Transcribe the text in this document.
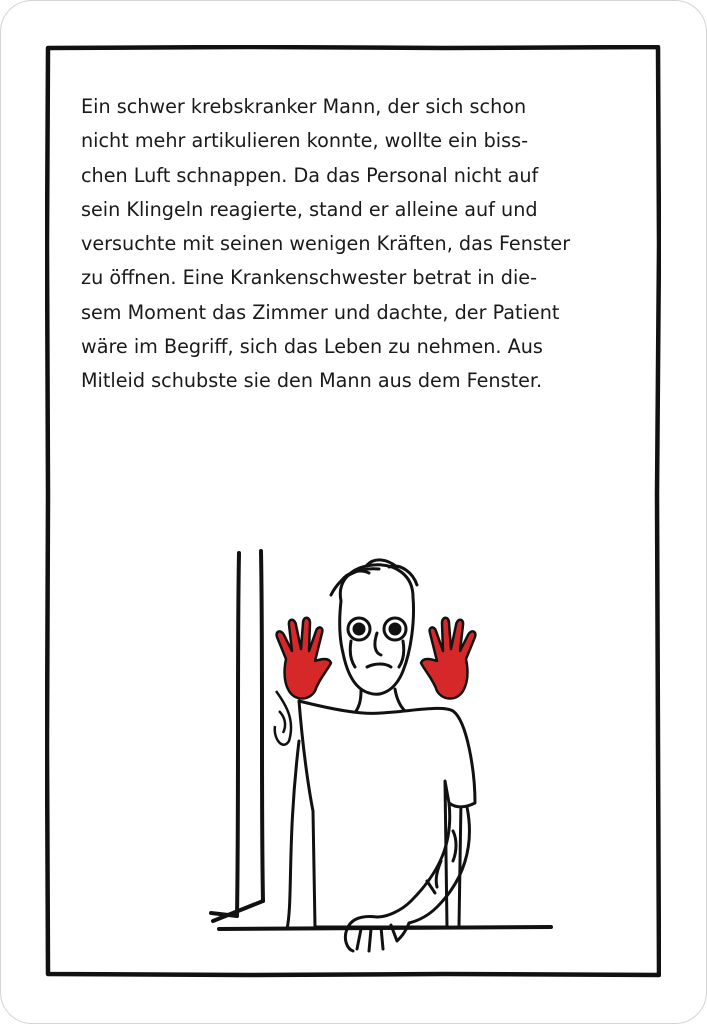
Ein schwer krebskranker Mann, der sich schon
nicht mehr artikulieren konnte, wollte ein biss-
chen Luft schnappen. Da das Personal nicht auf
sein Klingeln reagierte, stand er alleine auf und
versuchte mit seinen wenigen Kräften, das Fenster
zu öffnen. Eine Krankenschwester betrat in die-
sem Moment das Zimmer und dachte, der Patient
wäre im Begriff, sich das Leben zu nehmen. Aus
Mitleid schubste sie den Mann aus dem Fenster.
